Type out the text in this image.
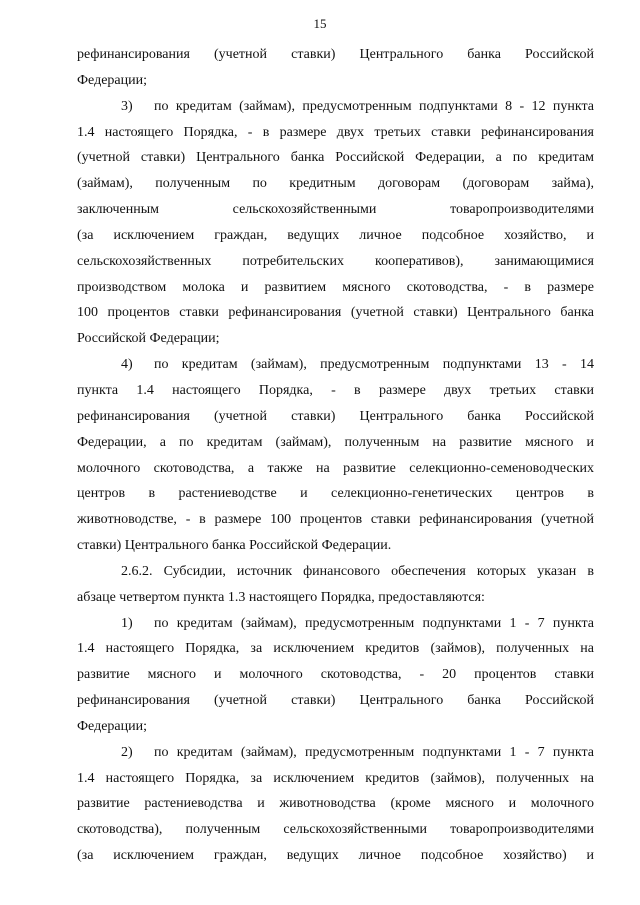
15
рефинансирования (учетной ставки) Центрального банка Российской
Федерации;
3) по кредитам (займам), предусмотренным подпунктами 8 - 12 пункта
1.4 настоящего Порядка, - в размере двух третьих ставки рефинансирования
(учетной ставки) Центрального банка Российской Федерации, а по кредитам
(займам), полученным по кредитным договорам (договорам займа),
заключенным сельскохозяйственными товаропроизводителями
(за исключением граждан, ведущих личное подсобное хозяйство, и
сельскохозяйственных потребительских кооперативов), занимающимися
производством молока и развитием мясного скотоводства, - в размере
100 процентов ставки рефинансирования (учетной ставки) Центрального банка
Российской Федерации;
4) по кредитам (займам), предусмотренным подпунктами 13 - 14
пункта 1.4 настоящего Порядка, - в размере двух третьих ставки
рефинансирования (учетной ставки) Центрального банка Российской
Федерации, а по кредитам (займам), полученным на развитие мясного и
молочного скотоводства, а также на развитие селекционно-семеноводческих
центров в растениеводстве и селекционно-генетических центров в
животноводстве, - в размере 100 процентов ставки рефинансирования (учетной
ставки) Центрального банка Российской Федерации.
2.6.2. Субсидии, источник финансового обеспечения которых указан в
абзаце четвертом пункта 1.3 настоящего Порядка, предоставляются:
1) по кредитам (займам), предусмотренным подпунктами 1 - 7 пункта
1.4 настоящего Порядка, за исключением кредитов (займов), полученных на
развитие мясного и молочного скотоводства, - 20 процентов ставки
рефинансирования (учетной ставки) Центрального банка Российской
Федерации;
2) по кредитам (займам), предусмотренным подпунктами 1 - 7 пункта
1.4 настоящего Порядка, за исключением кредитов (займов), полученных на
развитие растениеводства и животноводства (кроме мясного и молочного
скотоводства), полученным сельскохозяйственными товаропроизводителями
(за исключением граждан, ведущих личное подсобное хозяйство) и
